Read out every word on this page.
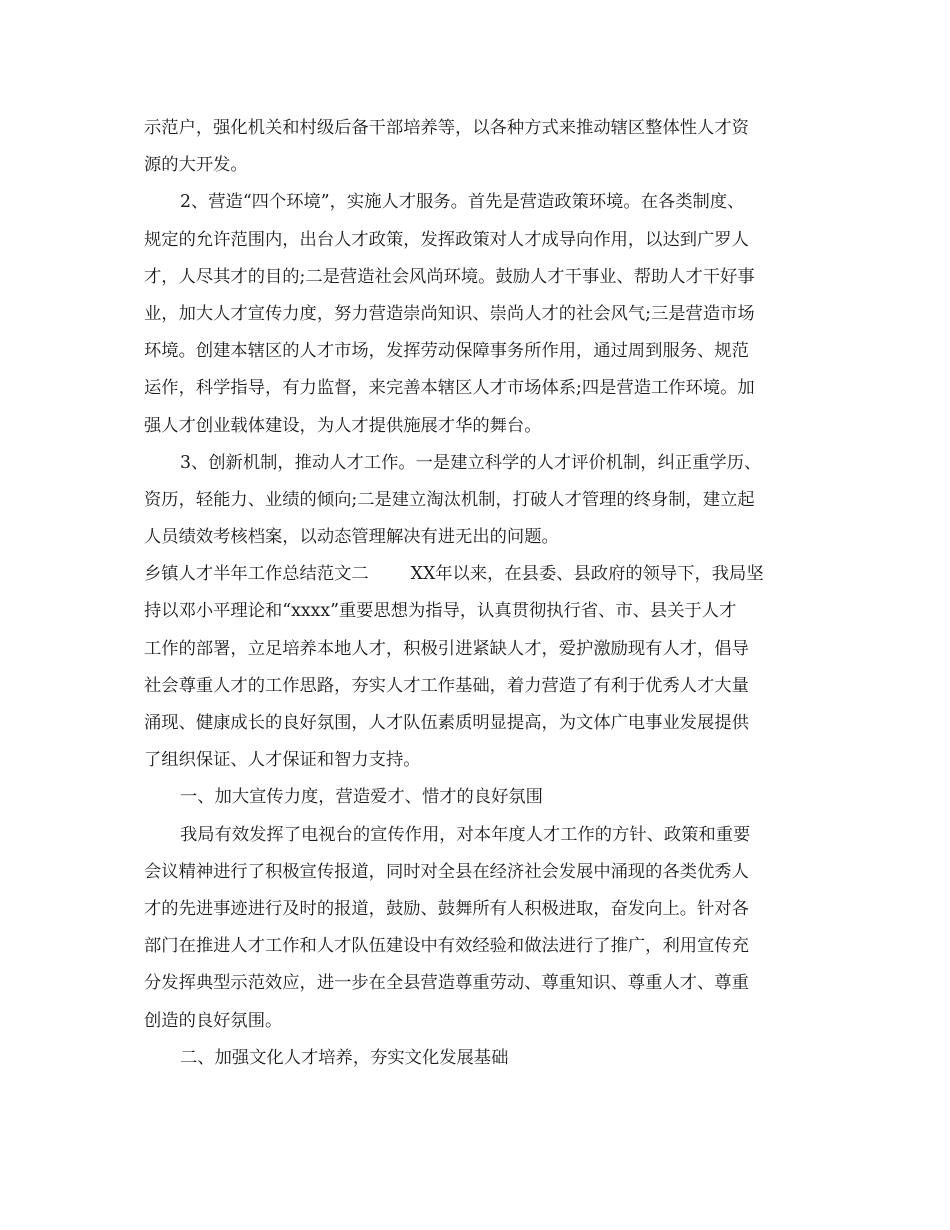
示范户，强化机关和村级后备干部培养等，以各种方式来推动辖区整体性人才资
源的大开发。
2、营造“四个环境”，实施人才服务。首先是营造政策环境。在各类制度、
规定的允许范围内，出台人才政策，发挥政策对人才成导向作用，以达到广罗人
才，人尽其才的目的;二是营造社会风尚环境。鼓励人才干事业、帮助人才干好事
业，加大人才宣传力度，努力营造崇尚知识、崇尚人才的社会风气;三是营造市场
环境。创建本辖区的人才市场，发挥劳动保障事务所作用，通过周到服务、规范
运作，科学指导，有力监督，来完善本辖区人才市场体系;四是营造工作环境。加
强人才创业载体建设，为人才提供施展才华的舞台。
3、创新机制，推动人才工作。一是建立科学的人才评价机制，纠正重学历、
资历，轻能力、业绩的倾向;二是建立淘汰机制，打破人才管理的终身制，建立起
人员绩效考核档案，以动态管理解决有进无出的问题。
乡镇人才半年工作总结范文二 XX年以来，在县委、县政府的领导下，我局坚
持以邓小平理论和“xxxx”重要思想为指导，认真贯彻执行省、市、县关于人才
工作的部署，立足培养本地人才，积极引进紧缺人才，爱护激励现有人才，倡导
社会尊重人才的工作思路，夯实人才工作基础，着力营造了有利于优秀人才大量
涌现、健康成长的良好氛围，人才队伍素质明显提高，为文体广电事业发展提供
了组织保证、人才保证和智力支持。
一、加大宣传力度，营造爱才、惜才的良好氛围
我局有效发挥了电视台的宣传作用，对本年度人才工作的方针、政策和重要
会议精神进行了积极宣传报道，同时对全县在经济社会发展中涌现的各类优秀人
才的先进事迹进行及时的报道，鼓励、鼓舞所有人积极进取，奋发向上。针对各
部门在推进人才工作和人才队伍建设中有效经验和做法进行了推广，利用宣传充
分发挥典型示范效应，进一步在全县营造尊重劳动、尊重知识、尊重人才、尊重
创造的良好氛围。
二、加强文化人才培养，夯实文化发展基础
